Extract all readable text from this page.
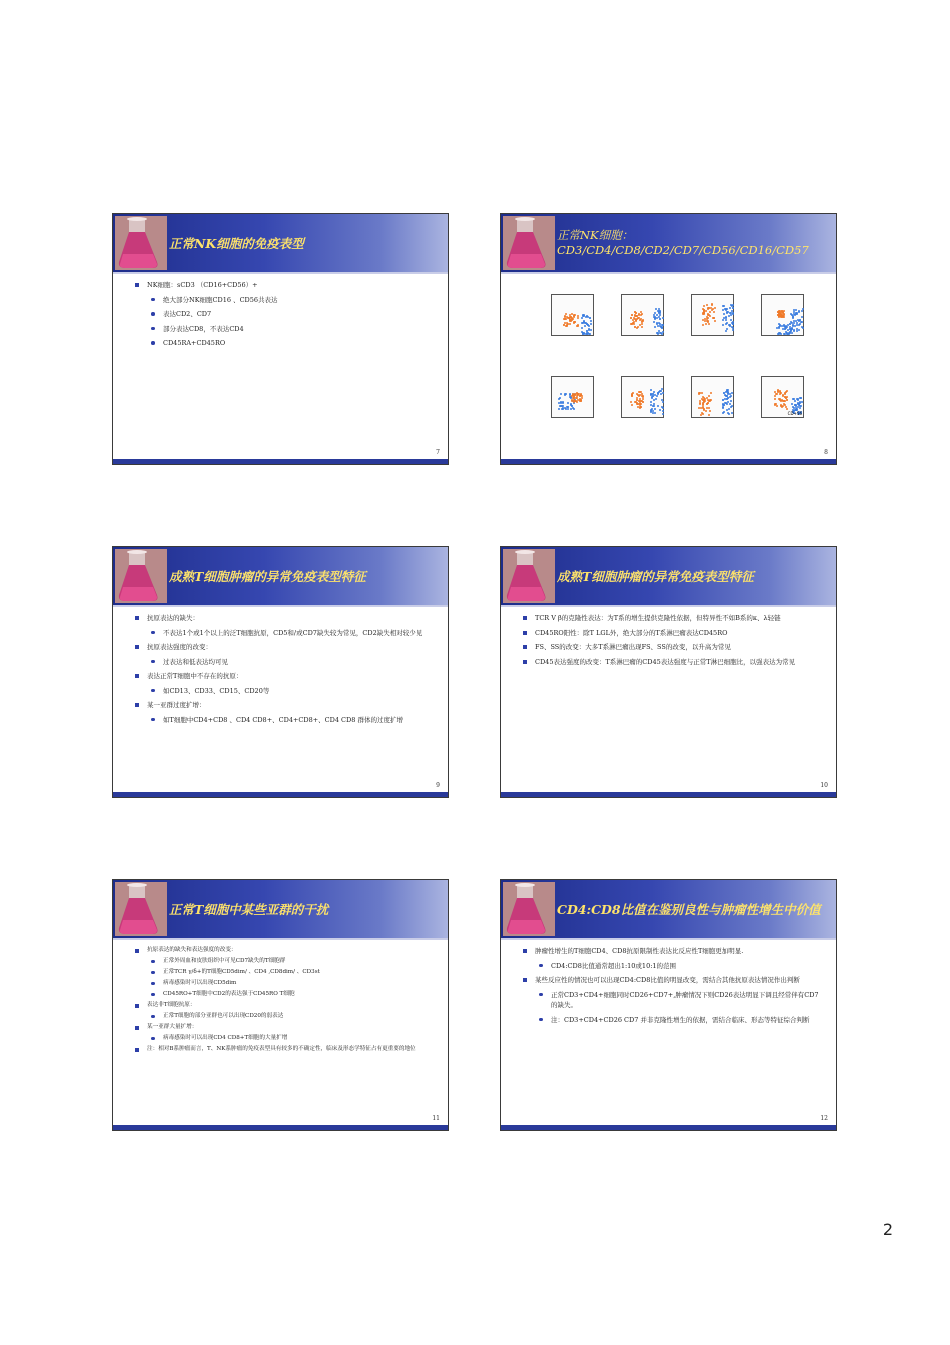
正常NK细胞的免疫表型
NK细胞：sCD3 （CD16+CD56）+
绝大部分NK细胞CD16 、CD56共表达
表达CD2、CD7
部分表达CD8，不表达CD4
CD45RA+CD45RO
7
正常NK细胞：
CD3/CD4/CD8/CD2/CD7/CD56/CD16/CD57
CD+56
8
成熟T细胞肿瘤的异常免疫表型特征
抗原表达的缺失：
不表达1个或1个以上的泛T细胞抗原，CD5和/或CD7缺失较为常见，CD2缺失相对较少见
抗原表达强度的改变：
过表达和低表达均可见
表达正常T细胞中不存在的抗原：
如CD13、CD33、CD15、CD20等
某一亚群过度扩增：
如T细胞中CD4+CD8 、CD4 CD8+、CD4+CD8+、CD4 CD8 群体的过度扩增
9
成熟T细胞肿瘤的异常免疫表型特征
TCR V β的克隆性表达：为T系的增生提供克隆性依据，但特异性不如B系的κ、λ轻链
CD45RO阳性：除T LGL外，绝大部分的T系淋巴瘤表达CD45RO
FS、SS的改变：大多T系淋巴瘤出现FS、SS的改变，以升高为常见
CD45表达强度的改变：T系淋巴瘤的CD45表达强度与正常T淋巴细胞比，以强表达为常见
10
正常T细胞中某些亚群的干扰
抗原表达的缺失和表达强度的改变：
正常外周血和皮肤组织中可见CD7缺失的T细胞群
正常TCR γ/δ+的T细胞CD5dim/ 、CD4 ,CD8dim/ 、CD3st
病毒感染时可以出现CD5dim
CD45RO+T细胞中CD2的表达强于CD45RO T细胞
表达非T细胞抗原：
正常T细胞的部分亚群也可以出现CD20的弱表达
某一亚群大量扩增：
病毒感染时可以出现CD4 CD8+T细胞的大量扩增
注：相对B系肿瘤而言，T、NK系肿瘤的免疫表型具有较多的不确定性，临床及形态学特征占有更重要的地位
11
CD4:CD8比值在鉴别良性与肿瘤性增生中价值
肿瘤性增生的T细胞CD4、CD8抗原限制性表达比反应性T细胞更加明显.
CD4:CD8比值通常超出1:10或10:1的范围
某些反应性的情况也可以出现CD4:CD8比值的明显改变，需结合其他抗原表达情况作出判断
正常CD3+CD4+细胞同时CD26+CD7+,肿瘤情况下则CD26表达明显下调且经常伴有CD7的缺失。
注：CD3+CD4+CD26 CD7 并非克隆性增生的依据，需结合临床、形态等特征综合判断
12
2
